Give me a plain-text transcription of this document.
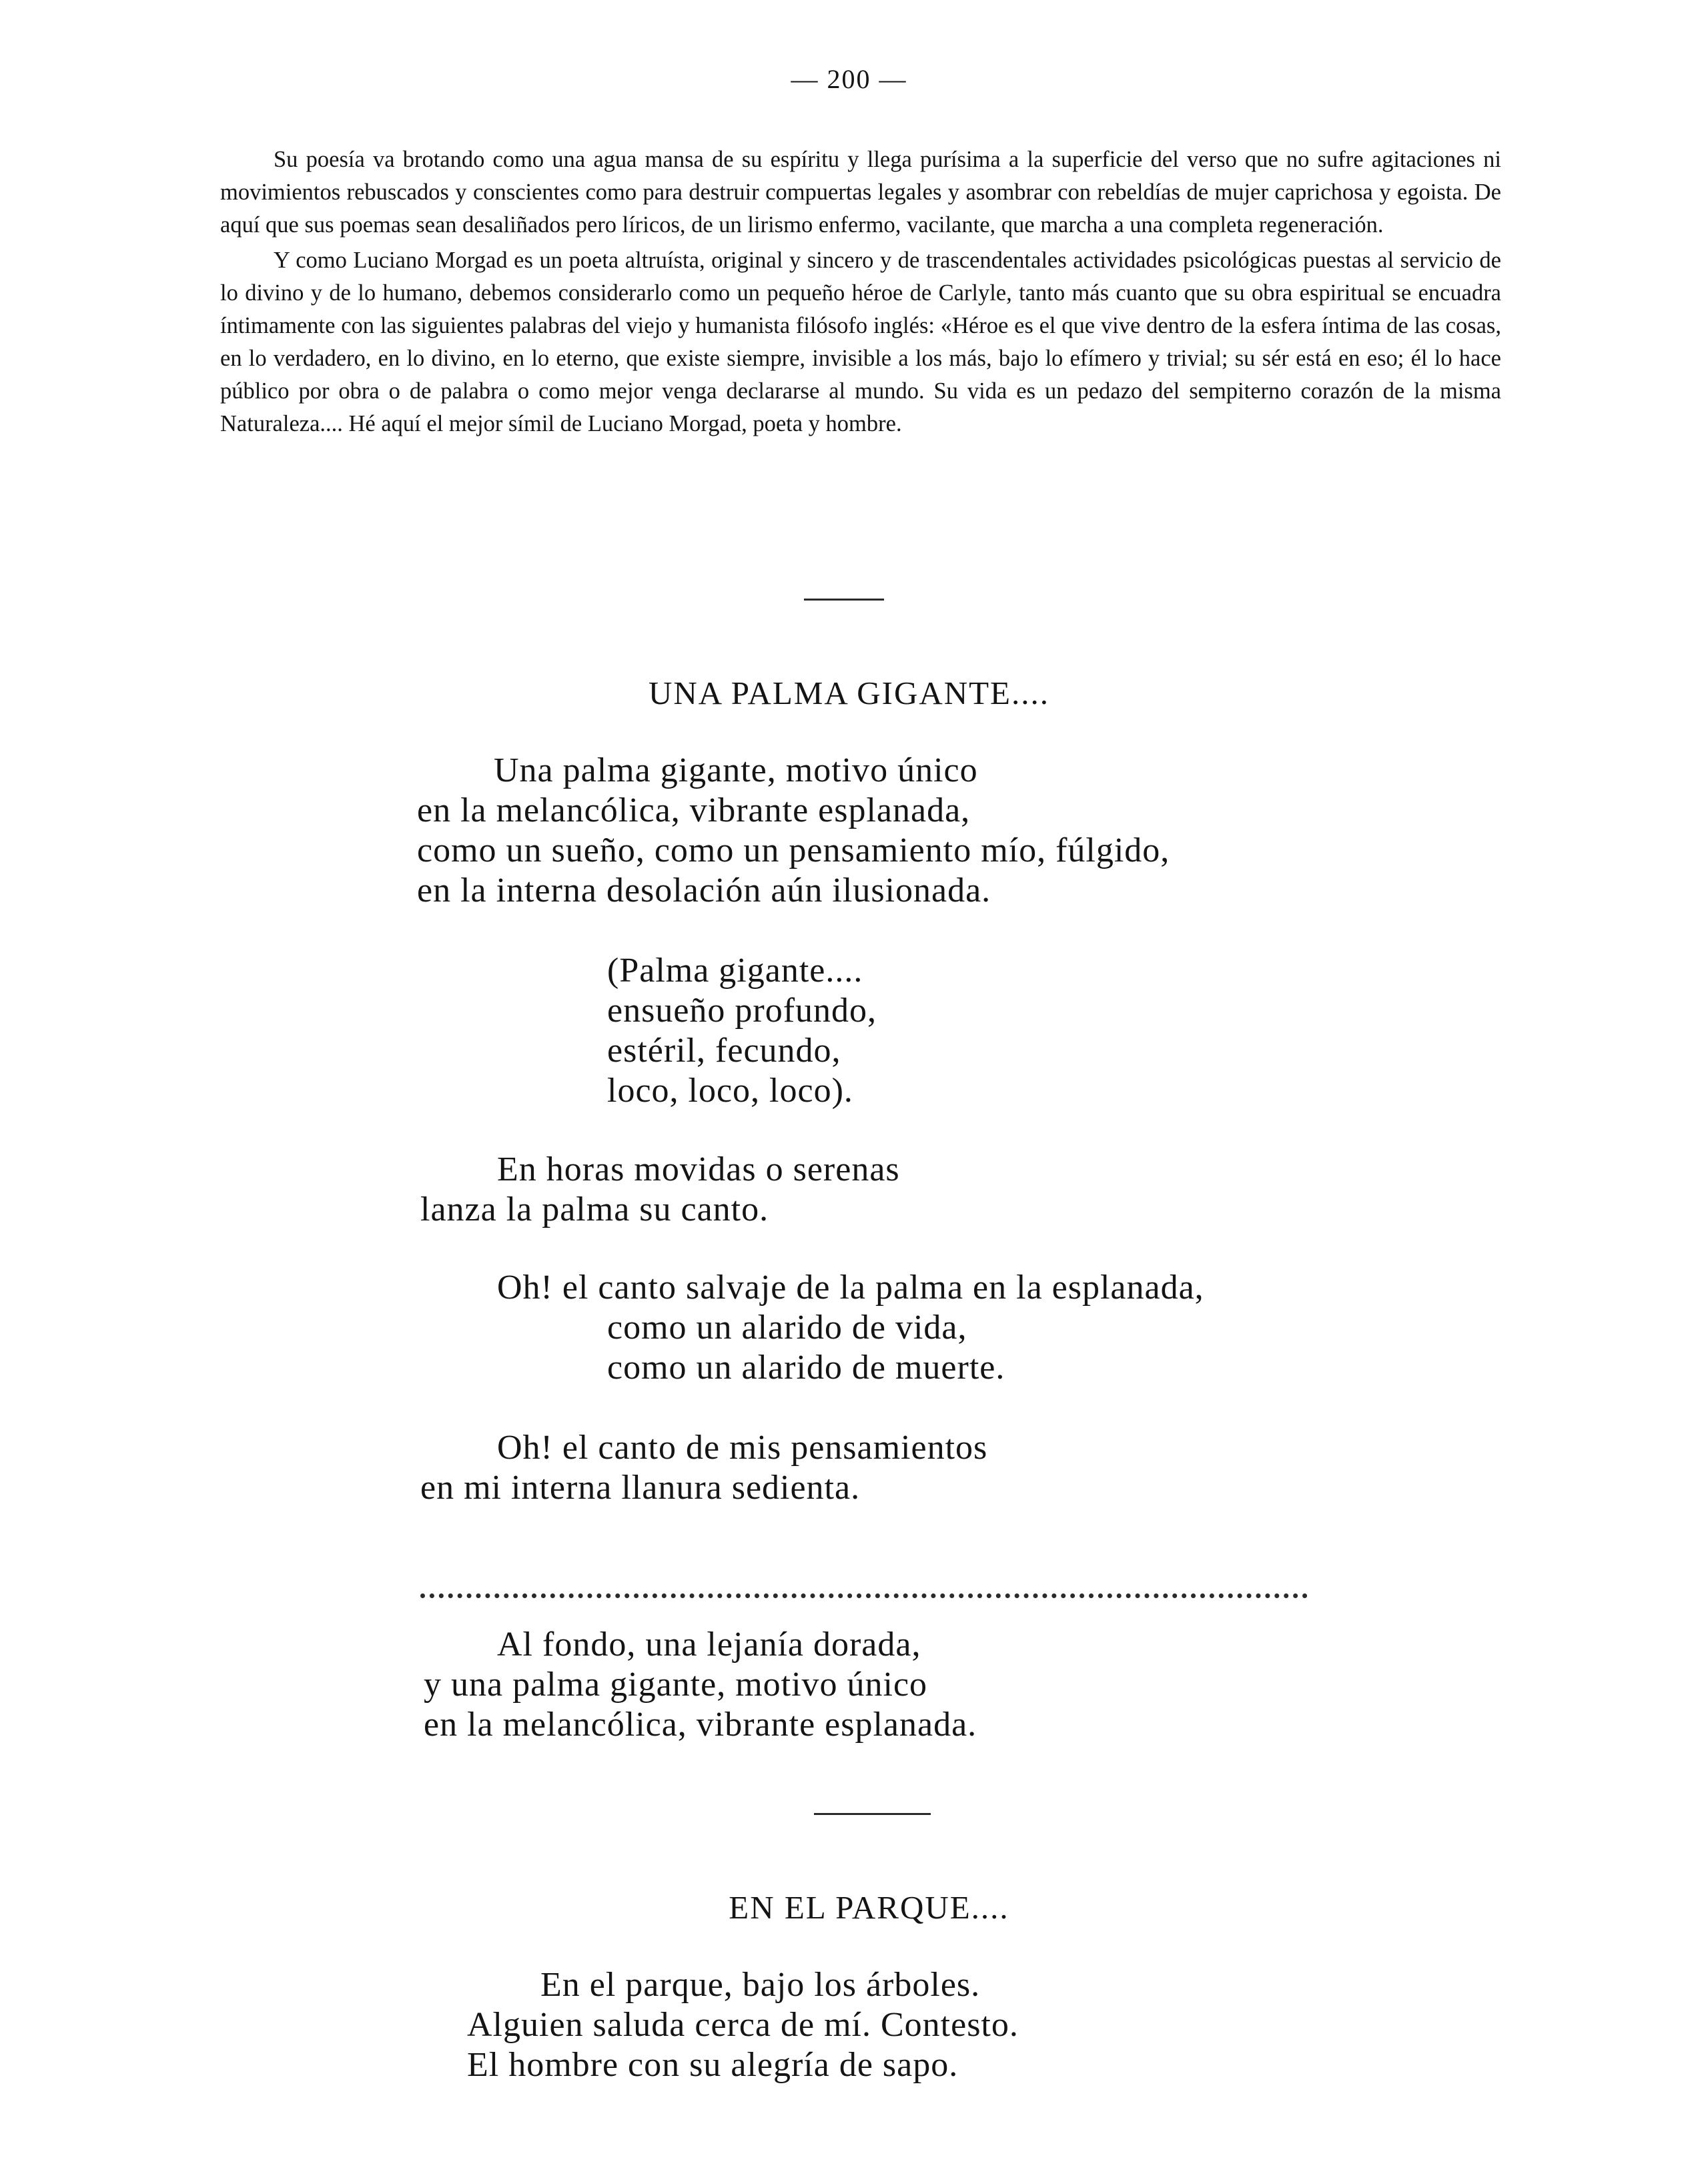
— 200 —

Su poesía va brotando como una agua mansa de su espíritu y llega purísima a la superficie del verso que no sufre agitaciones ni movimientos rebuscados y conscientes como para destruir compuertas legales y asombrar con rebeldías de mujer caprichosa y egoista. De aquí que sus poemas sean desaliñados pero líricos, de un lirismo enfermo, vacilante, que marcha a una completa regeneración.

Y como Luciano Morgad es un poeta altruísta, original y sincero y de trascendentales actividades psicológicas puestas al servicio de lo divino y de lo humano, debemos considerarlo como un pequeño héroe de Carlyle, tanto más cuanto que su obra espiritual se encuadra íntimamente con las siguientes palabras del viejo y humanista filósofo inglés: «Héroe es el que vive dentro de la esfera íntima de las cosas, en lo verdadero, en lo divino, en lo eterno, que existe siempre, invisible a los más, bajo lo efímero y trivial; su sér está en eso; él lo hace público por obra o de palabra o como mejor venga declararse al mundo. Su vida es un pedazo del sempiterno corazón de la misma Naturaleza.... Hé aquí el mejor símil de Luciano Morgad, poeta y hombre.

UNA PALMA GIGANTE....
Una palma gigante, motivo único
en la melancólica, vibrante esplanada,
como un sueño, como un pensamiento mío, fúlgido,
en la interna desolación aún ilusionada.
(Palma gigante....
ensueño profundo,
estéril, fecundo,
loco, loco, loco).
En horas movidas o serenas
lanza la palma su canto.
Oh! el canto salvaje de la palma en la esplanada,
como un alarido de vida,
como un alarido de muerte.
Oh! el canto de mis pensamientos
en mi interna llanura sedienta.
Al fondo, una lejanía dorada,
y una palma gigante, motivo único
en la melancólica, vibrante esplanada.
EN EL PARQUE....
En el parque, bajo los árboles.
Alguien saluda cerca de mí. Contesto.
El hombre con su alegría de sapo.
